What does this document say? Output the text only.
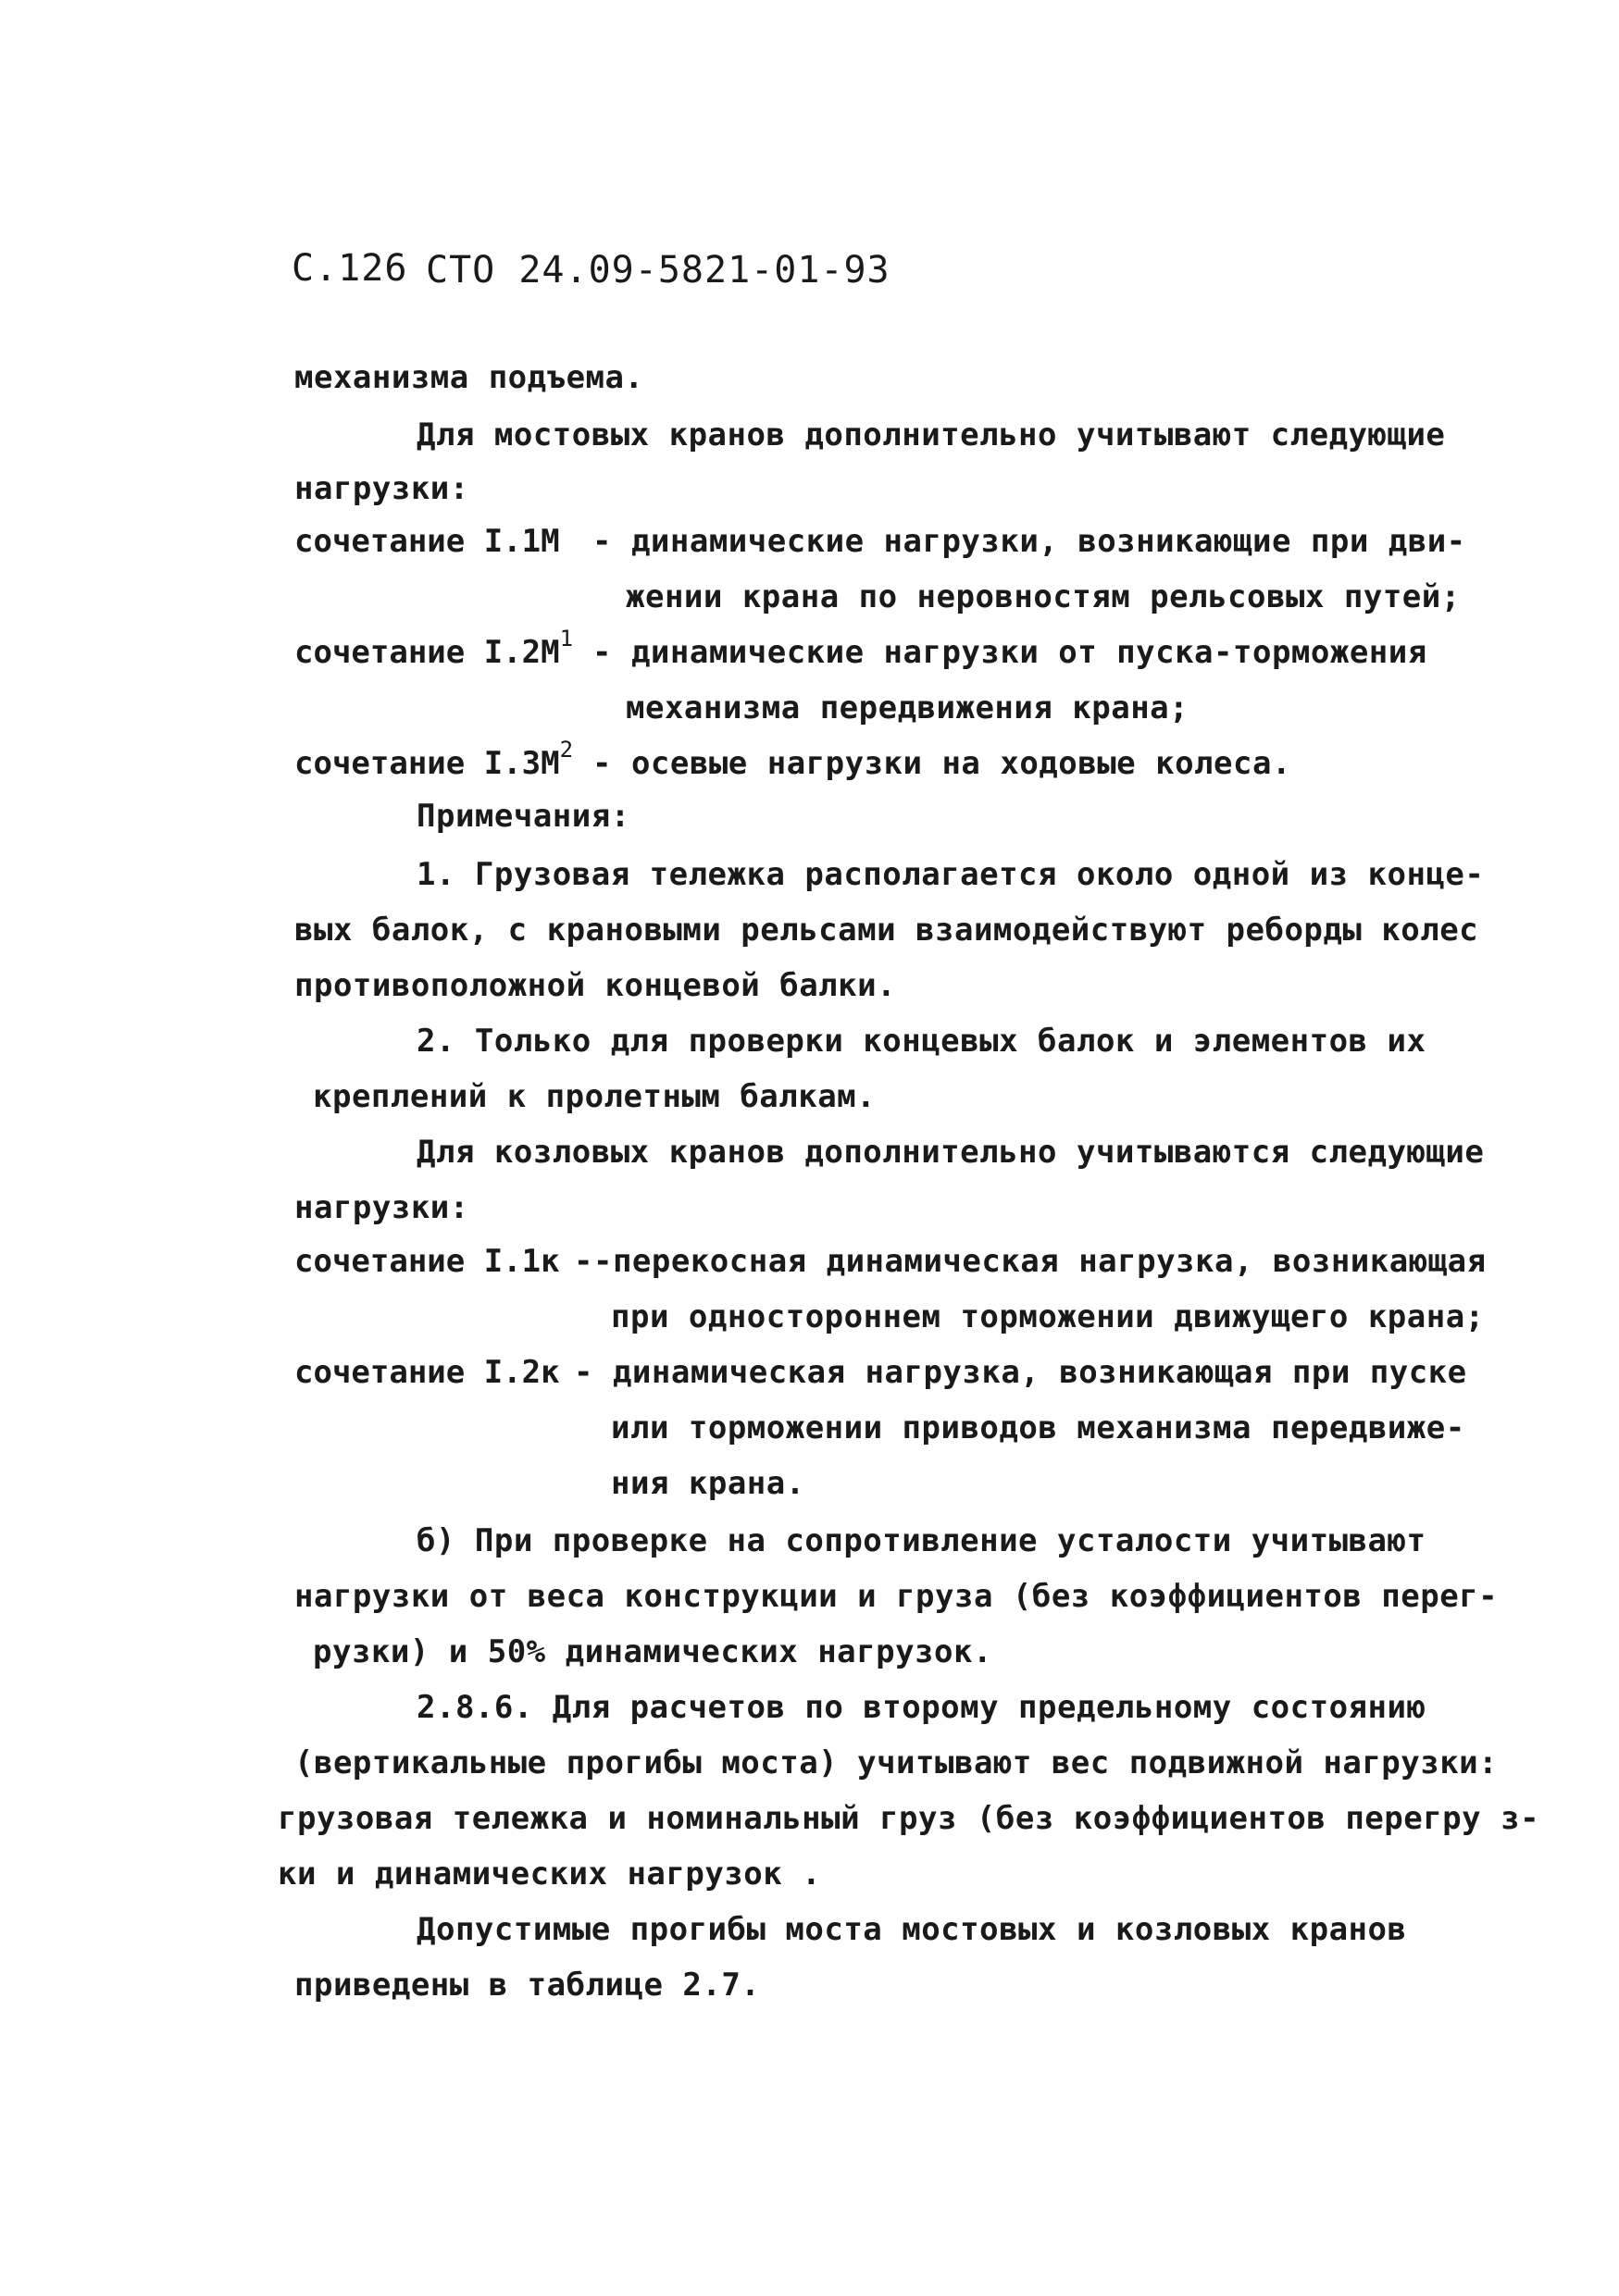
С.126 СТО 24.09-5821-01-93
механизма подъема.
Для мостовых кранов дополнительно учитывают следующие
нагрузки:
сочетание I.1М - динамические нагрузки, возникающие при дви-
жении крана по неровностям рельсовых путей;
сочетание $I.2М^1$ - динамические нагрузки от пуска-торможения
механизма передвижения крана;
сочетание $I.3М^2$ - осевые нагрузки на ходовые колеса.
Примечания:
1. Грузовая тележка располагается около одной из конце-
вых балок, с крановыми рельсами взаимодействуют реборды колес
противоположной концевой балки.
2. Только для проверки концевых балок и элементов их
креплений к пролетным балкам.
Для козловых кранов дополнительно учитываются следующие
нагрузки:
сочетание I.1к --перекосная динамическая нагрузка, возникающая
при одностороннем торможении движущего крана;
сочетание I.2к - динамическая нагрузка, возникающая при пуске
или торможении приводов механизма передвиже-
ния крана.
б) При проверке на сопротивление усталости учитывают
нагрузки от веса конструкции и груза (без коэффициентов перег-
рузки) и 50% динамических нагрузок.
2.8.6. Для расчетов по второму предельному состоянию
(вертикальные прогибы моста) учитывают вес подвижной нагрузки:
грузовая тележка и номинальный груз (без коэффициентов перегру з-
ки и динамических нагрузок .
Допустимые прогибы моста мостовых и козловых кранов
приведены в таблице 2.7.
